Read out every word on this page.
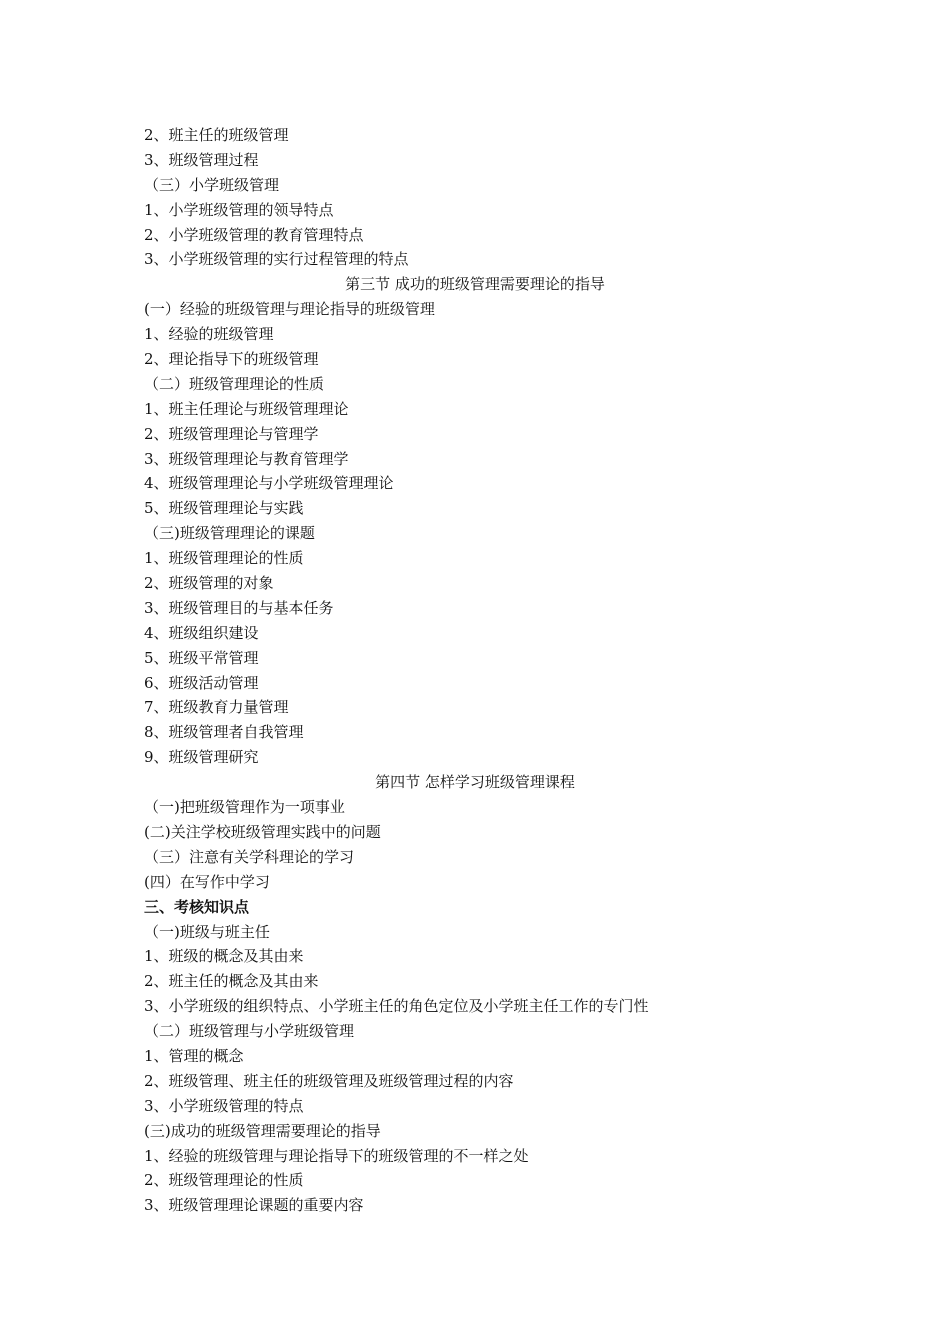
2、班主任的班级管理
3、班级管理过程
（三）小学班级管理
1、小学班级管理的领导特点
2、小学班级管理的教育管理特点
3、小学班级管理的实行过程管理的特点
第三节 成功的班级管理需要理论的指导
(一）经验的班级管理与理论指导的班级管理
1、经验的班级管理
2、理论指导下的班级管理
（二）班级管理理论的性质
1、班主任理论与班级管理理论
2、班级管理理论与管理学
3、班级管理理论与教育管理学
4、班级管理理论与小学班级管理理论
5、班级管理理论与实践
（三)班级管理理论的课题
1、班级管理理论的性质
2、班级管理的对象
3、班级管理目的与基本任务
4、班级组织建设
5、班级平常管理
6、班级活动管理
7、班级教育力量管理
8、班级管理者自我管理
9、班级管理研究
第四节 怎样学习班级管理课程
（一)把班级管理作为一项事业
(二)关注学校班级管理实践中的问题
（三）注意有关学科理论的学习
(四）在写作中学习
三、考核知识点
（一)班级与班主任
1、班级的概念及其由来
2、班主任的概念及其由来
3、小学班级的组织特点、小学班主任的角色定位及小学班主任工作的专门性
（二）班级管理与小学班级管理
1、管理的概念
2、班级管理、班主任的班级管理及班级管理过程的内容
3、小学班级管理的特点
(三)成功的班级管理需要理论的指导
1、经验的班级管理与理论指导下的班级管理的不一样之处
2、班级管理理论的性质
3、班级管理理论课题的重要内容
